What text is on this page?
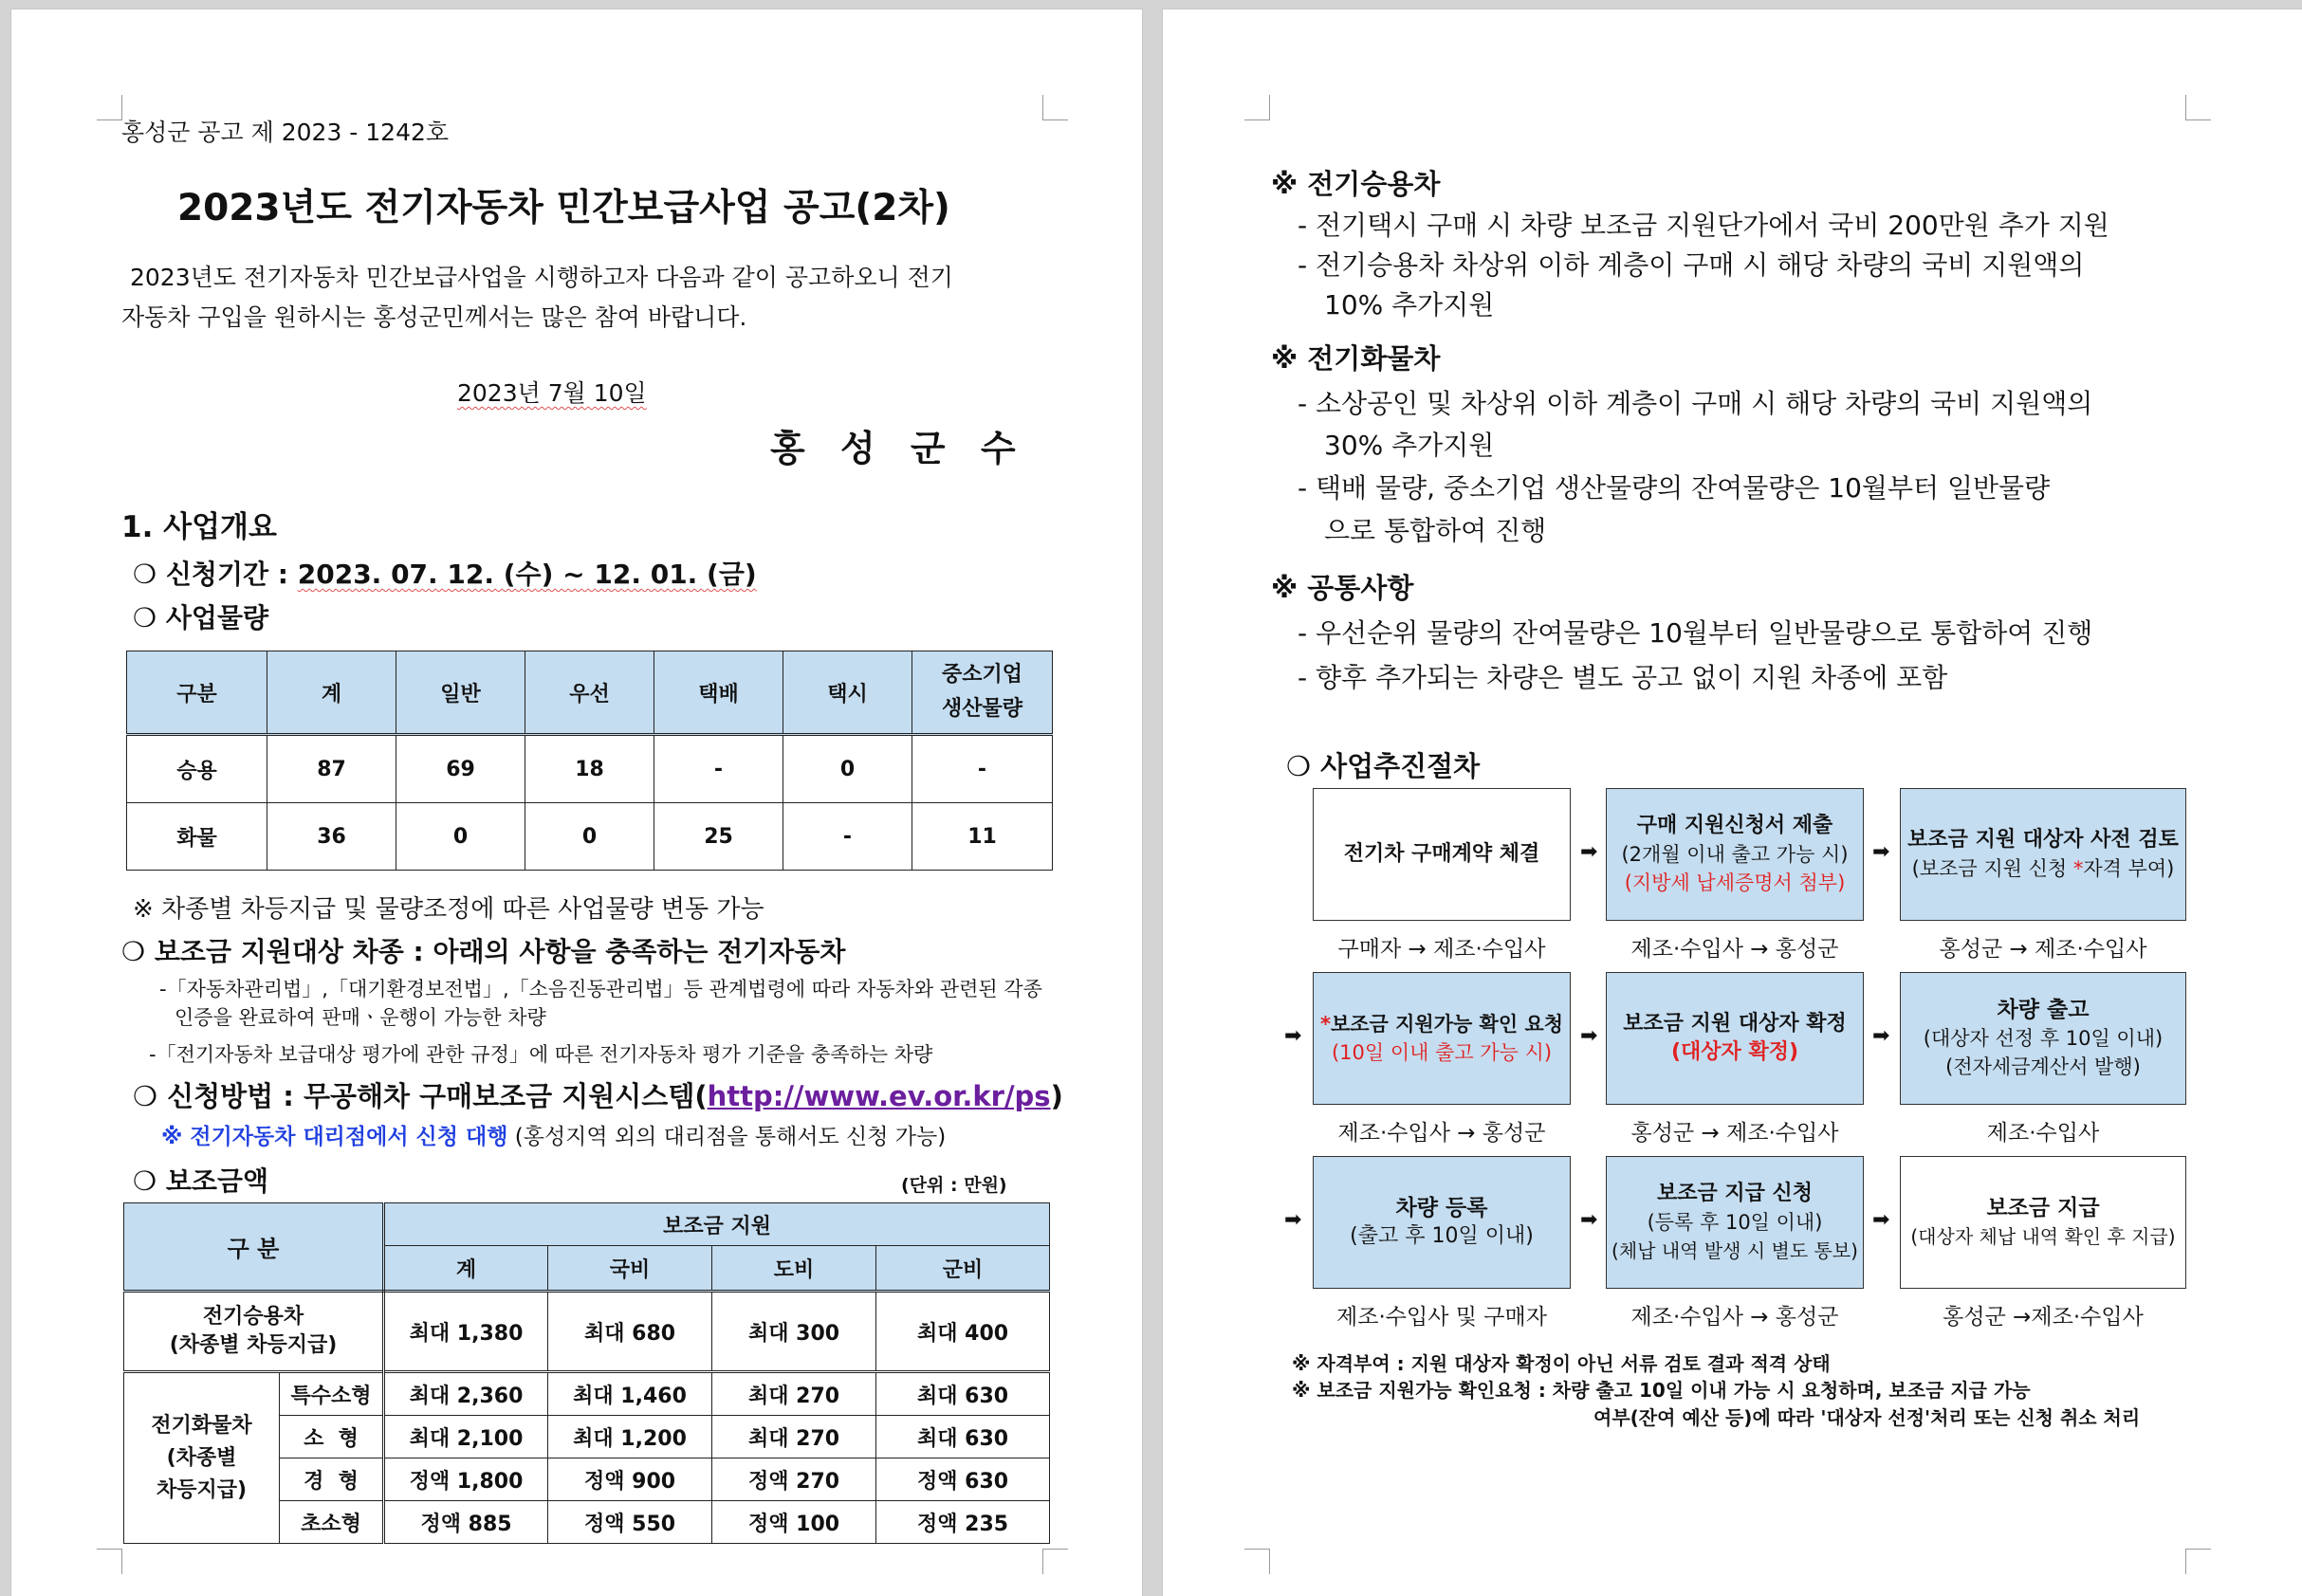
홍성군 공고 제 2023 - 1242호
2023년도 전기자동차 민간보급사업 공고(2차)
2023년도 전기자동차 민간보급사업을 시행하고자 다음과 같이 공고하오니 전기
자동차 구입을 원하시는 홍성군민께서는 많은 참여 바랍니다.
2023년 7월 10일
홍 성 군 수
1. 사업개요
❍ 신청기간 : 2023. 07. 12. (수) ~ 12. 01. (금)
❍ 사업물량
구분	계	일반	우선	택배	택시	중소기업
생산물량
승용	87	69	18	-	0	-
화물	36	0	0	25	-	11
※ 차종별 차등지급 및 물량조정에 따른 사업물량 변동 가능
❍ 보조금 지원대상 차종 : 아래의 사항을 충족하는 전기자동차
-「자동차관리법」,「대기환경보전법」,「소음진동관리법」등 관계법령에 따라 자동차와 관련된 각종
인증을 완료하여 판매ㆍ운행이 가능한 차량
-「전기자동차 보급대상 평가에 관한 규정」에 따른 전기자동차 평가 기준을 충족하는 차량
❍ 신청방법 : 무공해차 구매보조금 지원시스템(http://www.ev.or.kr/ps)
※ 전기자동차 대리점에서 신청 대행 (홍성지역 외의 대리점을 통해서도 신청 가능)
❍ 보조금액	(단위 : 만원)
구 분		보조금 지원			
		계	국비	도비	군비
전기승용차
(차종별 차등지급)		최대 1,380	최대 680	최대 300	최대 400
전기화물차
(차종별
차등지급)	특수소형	최대 2,360	최대 1,460	최대 270	최대 630
	소  형	최대 2,100	최대 1,200	최대 270	최대 630
	경  형	정액 1,800	정액 900	정액 270	정액 630
	초소형	정액 885	정액 550	정액 100	정액 235
※ 전기승용차
- 전기택시 구매 시 차량 보조금 지원단가에서 국비 200만원 추가 지원
- 전기승용차 차상위 이하 계층이 구매 시 해당 차량의 국비 지원액의
10% 추가지원
※ 전기화물차
- 소상공인 및 차상위 이하 계층이 구매 시 해당 차량의 국비 지원액의
30% 추가지원
- 택배 물량, 중소기업 생산물량의 잔여물량은 10월부터 일반물량
으로 통합하여 진행
※ 공통사항
- 우선순위 물량의 잔여물량은 10월부터 일반물량으로 통합하여 진행
- 향후 추가되는 차량은 별도 공고 없이 지원 차종에 포함
❍ 사업추진절차
전기차 구매계약 체결 ➡
구매 지원신청서 제출
(2개월 이내 출고 가능 시)
(지방세 납세증명서 첨부)
➡
보조금 지원 대상자 사전 검토
(보조금 지원 신청 *자격 부여)
구매자 → 제조·수입사	제조·수입사 → 홍성군	홍성군 → 제조·수입사
➡ *보조금 지원가능 확인 요청
(10일 이내 출고 가능 시)
➡
보조금 지원 대상자 확정
(대상자 확정)
➡
차량 출고
(대상자 선정 후 10일 이내)
(전자세금계산서 발행)
제조·수입사 → 홍성군	홍성군 → 제조·수입사	제조·수입사
➡	차량 등록
(출고 후 10일 이내)
➡
보조금 지급 신청
(등록 후 10일 이내)
(체납 내역 발생 시 별도 통보)
➡	보조금 지급
(대상자 체납 내역 확인 후 지급)
제조·수입사 및 구매자	제조·수입사 → 홍성군	홍성군 →제조·수입사
※ 자격부여 : 지원 대상자 확정이 아닌 서류 검토 결과 적격 상태
※ 보조금 지원가능 확인요청 : 차량 출고 10일 이내 가능 시 요청하며, 보조금 지급 가능
여부(잔여 예산 등)에 따라 '대상자 선정'처리 또는 신청 취소 처리
